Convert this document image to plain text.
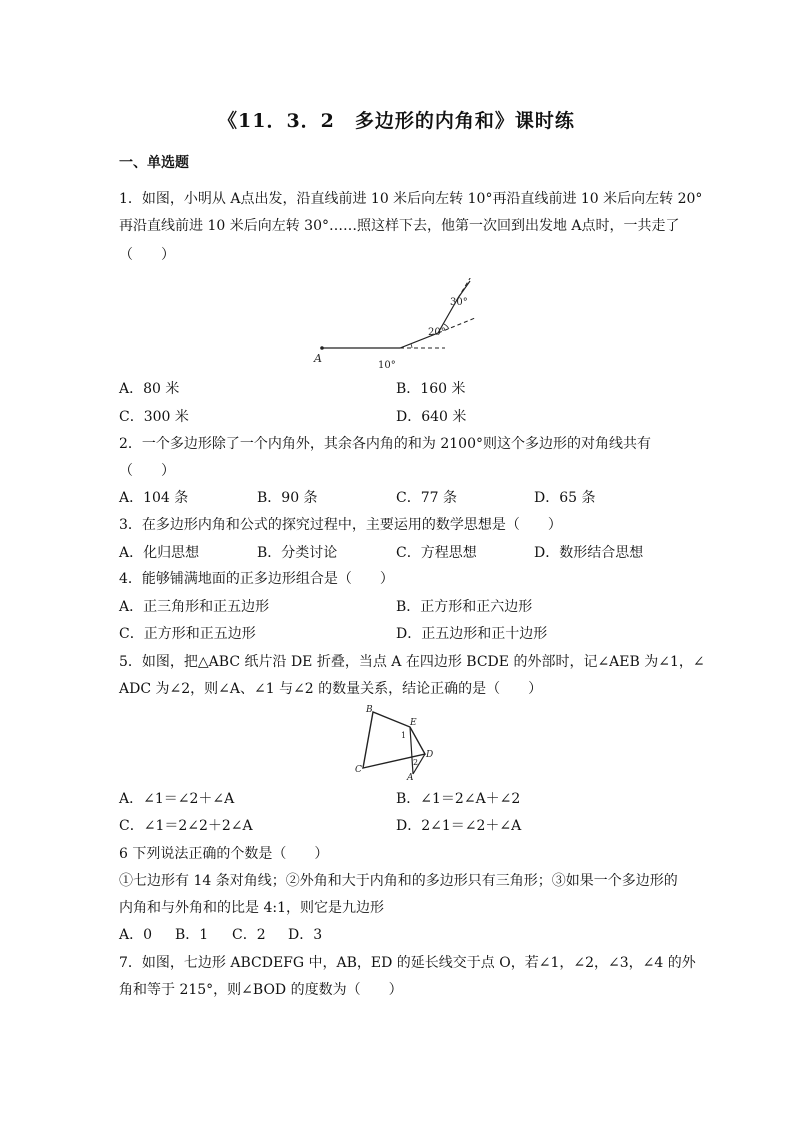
《11．3．2　多边形的内角和》课时练
一、单选题
1．如图，小明从 A点出发，沿直线前进 10 米后向左转 10°再沿直线前进 10 米后向左转 20°
再沿直线前进 10 米后向左转 30°……照这样下去，他第一次回到出发地 A点时，一共走了
（　　）
A
10°
20°
30°
A．80 米	B．160 米
C．300 米	D．640 米
2．一个多边形除了一个内角外，其余各内角的和为 2100°则这个多边形的对角线共有
（　　）
A．104 条	B．90 条	C．77 条	D．65 条
3．在多边形内角和公式的探究过程中，主要运用的数学思想是（　　）
A．化归思想	B．分类讨论	C．方程思想	D．数形结合思想
4．能够铺满地面的正多边形组合是（　　）
A．正三角形和正五边形	B．正方形和正六边形
C．正方形和正五边形	D．正五边形和正十边形
5．如图，把△ABC 纸片沿 DE 折叠，当点 A 在四边形 BCDE 的外部时，记∠AEB 为∠1，∠
ADC 为∠2，则∠A、∠1 与∠2 的数量关系，结论正确的是（　　）
B
E
D
C
A
1
2
A．∠1＝∠2＋∠A	B．∠1＝2∠A＋∠2
C．∠1＝2∠2＋2∠A	D．2∠1＝∠2＋∠A
6 下列说法正确的个数是（　　）
①七边形有 14 条对角线；②外角和大于内角和的多边形只有三角形；③如果一个多边形的
内角和与外角和的比是 4:1，则它是九边形
A．0 B．1 C．2 D．3
7．如图，七边形 ABCDEFG 中，AB，ED 的延长线交于点 O，若∠1，∠2，∠3，∠4 的外
角和等于 215°，则∠BOD 的度数为（　　）
